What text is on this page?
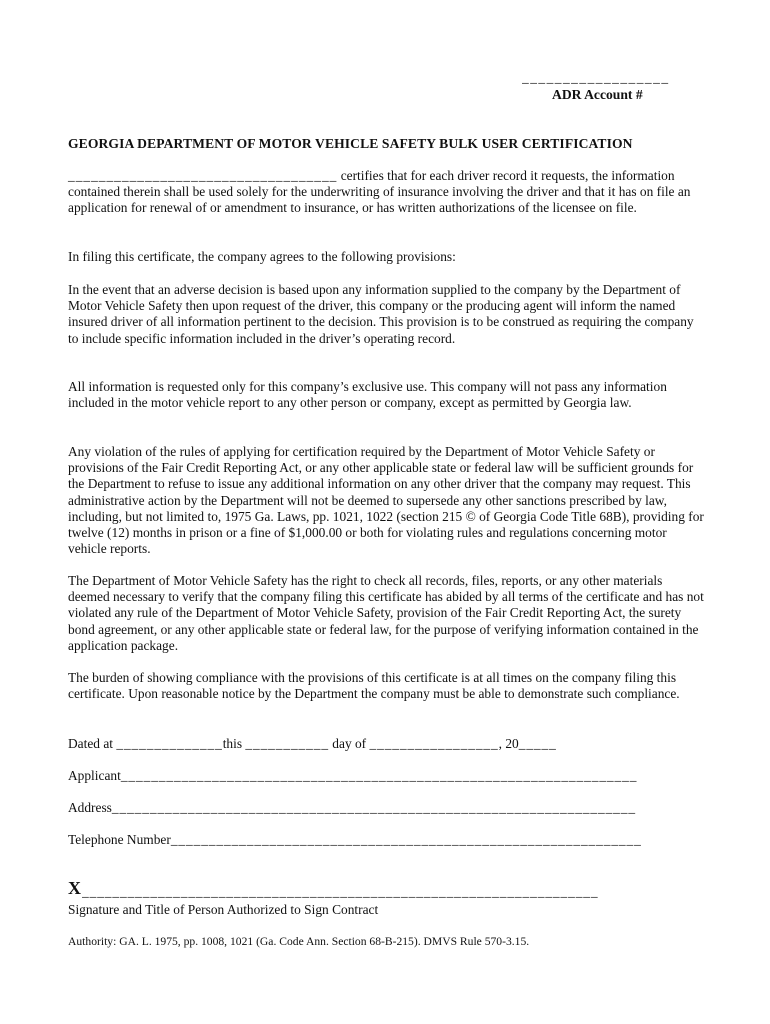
__________________
ADR Account #
GEORGIA DEPARTMENT OF MOTOR VEHICLE SAFETY BULK USER CERTIFICATION

___________________________________ certifies that for each driver record it requests, the information contained therein shall be used solely for the underwriting of insurance involving the driver and that it has on file an application for renewal of or amendment to insurance, or has written authorizations of the licensee on file.

In filing this certificate, the company agrees to the following provisions:

In the event that an adverse decision is based upon any information supplied to the company by the Department of Motor Vehicle Safety then upon request of the driver, this company or the producing agent will inform the named insured driver of all information pertinent to the decision. This provision is to be construed as requiring the company to include specific information included in the driver’s operating record.

All information is requested only for this company’s exclusive use. This company will not pass any information included in the motor vehicle report to any other person or company, except as permitted by Georgia law.

Any violation of the rules of applying for certification required by the Department of Motor Vehicle Safety or provisions of the Fair Credit Reporting Act, or any other applicable state or federal law will be sufficient grounds for the Department to refuse to issue any additional information on any other driver that the company may request. This administrative action by the Department will not be deemed to supersede any other sanctions prescribed by law, including, but not limited to, 1975 Ga. Laws, pp. 1021, 1022 (section 215 © of Georgia Code Title 68B), providing for twelve (12) months in prison or a fine of $1,000.00 or both for violating rules and regulations concerning motor vehicle reports.

The Department of Motor Vehicle Safety has the right to check all records, files, reports, or any other materials deemed necessary to verify that the company filing this certificate has abided by all terms of the certificate and has not violated any rule of the Department of Motor Vehicle Safety, provision of the Fair Credit Reporting Act, the surety bond agreement, or any other applicable state or federal law, for the purpose of verifying information contained in the application package.

The burden of showing compliance with the provisions of this certificate is at all times on the company filing this certificate. Upon reasonable notice by the Department the company must be able to demonstrate such compliance.

Dated at ______________this ___________ day of _________________, 20_____
Applicant____________________________________________________________________
Address_____________________________________________________________________
Telephone Number______________________________________________________________
X ____________________________________________________________________
Signature and Title of Person Authorized to Sign Contract
Authority: GA. L. 1975, pp. 1008, 1021 (Ga. Code Ann. Section 68-B-215). DMVS Rule 570-3.15.
